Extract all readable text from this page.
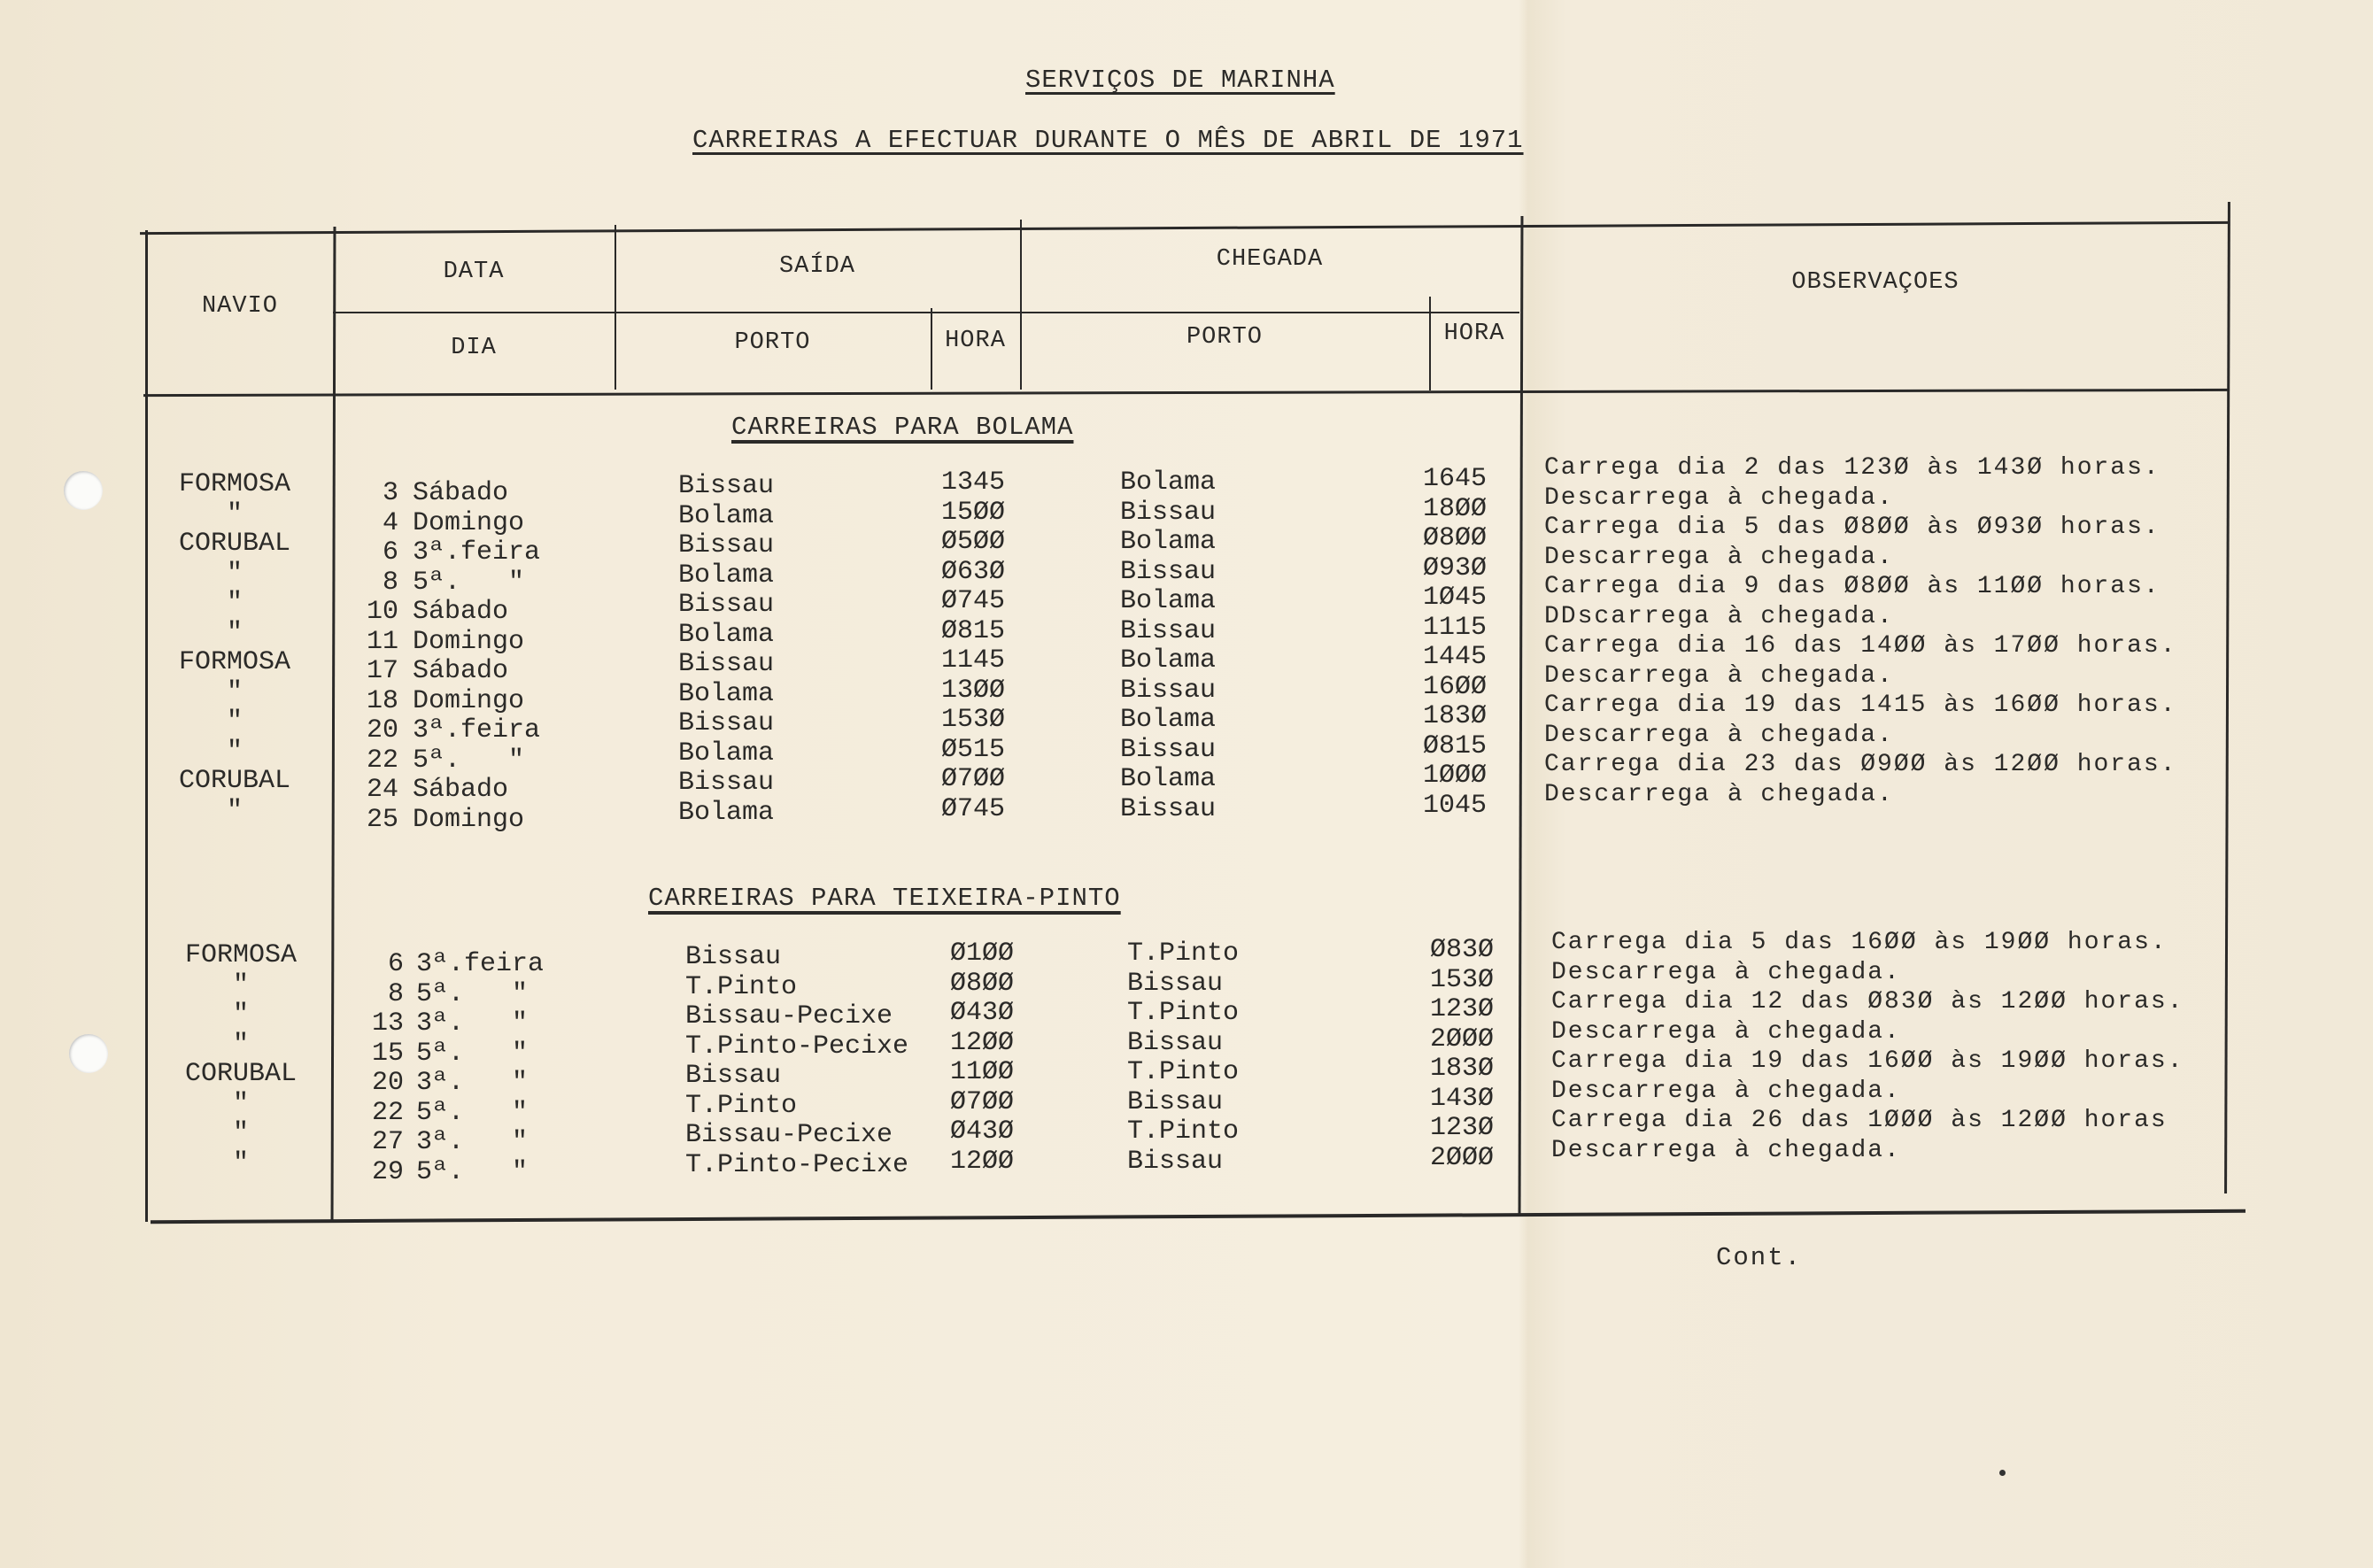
SERVIÇOS DE MARINHA
CARREIRAS A EFECTUAR DURANTE O MÊS DE ABRIL DE 1971
NAVIO
DATA
DIA
SAÍDA
PORTO	HORA
CHEGADA
PORTO	HORA
OBSERVAÇOES
CARREIRAS PARA BOLAMA
FORMOSA	3 Sábado	Bissau	1345	Bolama	1645
"	4 Domingo	Bolama	15ØØ	Bissau	18ØØ
CORUBAL	6 3ª.feira	Bissau	Ø5ØØ	Bolama	Ø8ØØ
"	8 5ª.   "	Bolama	Ø63Ø	Bissau	Ø93Ø
"	10 Sábado	Bissau	Ø745	Bolama	1Ø45
"	11 Domingo	Bolama	Ø815	Bissau	1115
FORMOSA	17 Sábado	Bissau	1145	Bolama	1445
"	18 Domingo	Bolama	13ØØ	Bissau	16ØØ
"	20 3ª.feira	Bissau	153Ø	Bolama	183Ø
"	22 5ª.   "	Bolama	Ø515	Bissau	Ø815
CORUBAL	24 Sábado	Bissau	Ø7ØØ	Bolama	1ØØØ
"	25 Domingo	Bolama	Ø745	Bissau	1045
Carrega dia 2 das 123Ø às 143Ø horas.
Descarrega à chegada.
Carrega dia 5 das Ø8ØØ às Ø93Ø horas.
Descarrega à chegada.
Carrega dia 9 das Ø8ØØ às 11ØØ horas.
DDscarrega à chegada.
Carrega dia 16 das 14ØØ às 17ØØ horas.
Descarrega à chegada.
Carrega dia 19 das 1415 às 16ØØ horas.
Descarrega à chegada.
Carrega dia 23 das Ø9ØØ às 12ØØ horas.
Descarrega à chegada.
CARREIRAS PARA TEIXEIRA-PINTO
FORMOSA	6 3ª.feira	Bissau	Ø1ØØ	T.Pinto	Ø83Ø
"	8 5ª.   "	T.Pinto	Ø8ØØ	Bissau	153Ø
"	13 3ª.   "	Bissau-Pecixe Ø43Ø	T.Pinto	123Ø
"	15 5ª.   "	T.Pinto-Pecixe 12ØØ	Bissau	2ØØØ
CORUBAL	20 3ª.   "	Bissau	11ØØ	T.Pinto	183Ø
"	22 5ª.   "	T.Pinto	Ø7ØØ	Bissau	143Ø
"	27 3ª.   "	Bissau-Pecixe Ø43Ø	T.Pinto	123Ø
"	29 5ª.   "	T.Pinto-Pecixe 12ØØ	Bissau	2ØØØ
Carrega dia 5 das 16ØØ às 19ØØ horas.
Descarrega à chegada.
Carrega dia 12 das Ø83Ø às 12ØØ horas.
Descarrega à chegada.
Carrega dia 19 das 16ØØ às 19ØØ horas.
Descarrega à chegada.
Carrega dia 26 das 1ØØØ às 12ØØ horas
Descarrega à chegada.
Cont.
